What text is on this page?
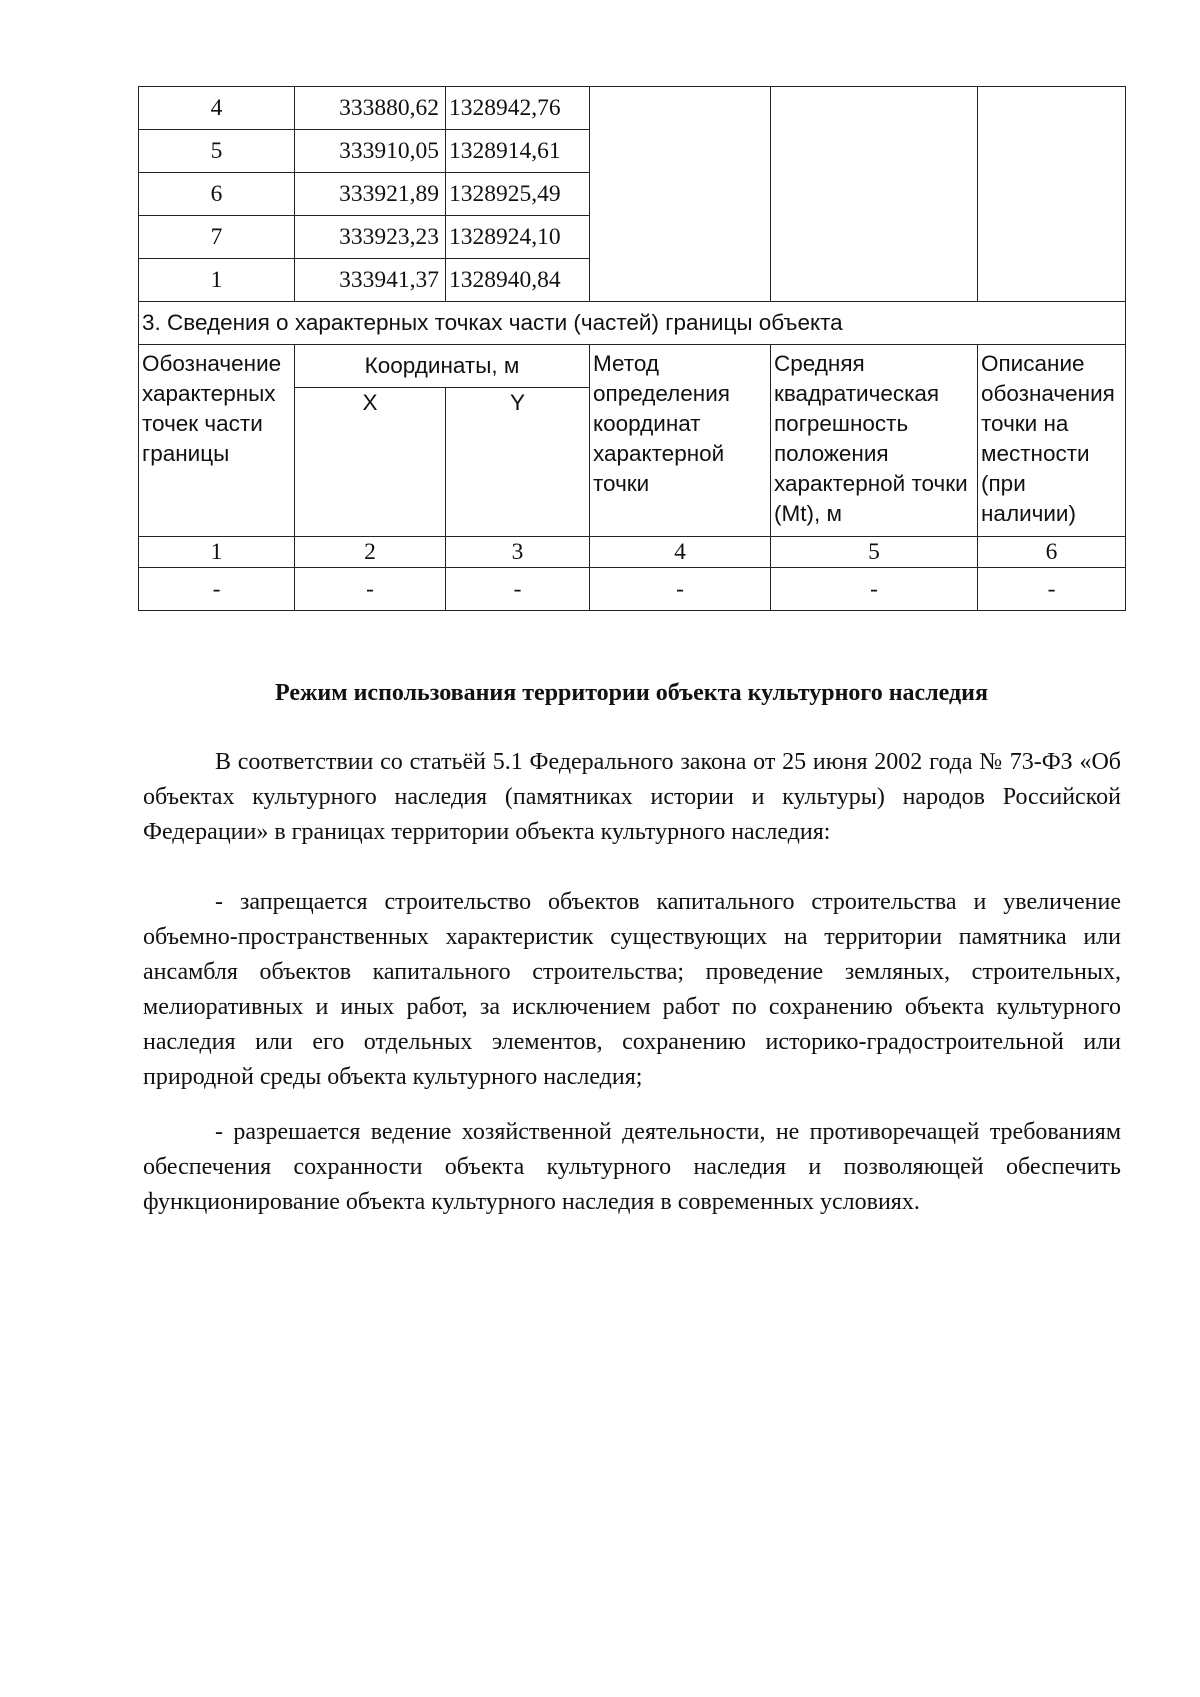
4	333880,62	1328942,76			
5	333910,05	1328914,61			
6	333921,89	1328925,49			
7	333923,23	1328924,10			
1	333941,37	1328940,84			
3. Сведения о характерных точках части (частей) границы объекта					
Обозначение характерных точек части границы	Координаты, м		Метод определения координат характерной точки	Средняя квадратическая погрешность положения характерной точки (Mt), м	Описание обозначения точки на местности (при наличии)
	X	Y			
1	2	3	4	5	6
-	-	-	-	-	-
Режим использования территории объекта культурного наследия

В соответствии со статьёй 5.1 Федерального закона от 25 июня 2002 года № 73-ФЗ «Об объектах культурного наследия (памятниках истории и культуры) народов Российской Федерации» в границах территории объекта культурного наследия:

- запрещается строительство объектов капитального строительства и увеличение объемно-пространственных характеристик существующих на территории памятника или ансамбля объектов капитального строительства; проведение земляных, строительных, мелиоративных и иных работ, за исключением работ по сохранению объекта культурного наследия или его отдельных элементов, сохранению историко-градостроительной или природной среды объекта культурного наследия;

- разрешается ведение хозяйственной деятельности, не противоречащей требованиям обеспечения сохранности объекта культурного наследия и позволяющей обеспечить функционирование объекта культурного наследия в современных условиях.
